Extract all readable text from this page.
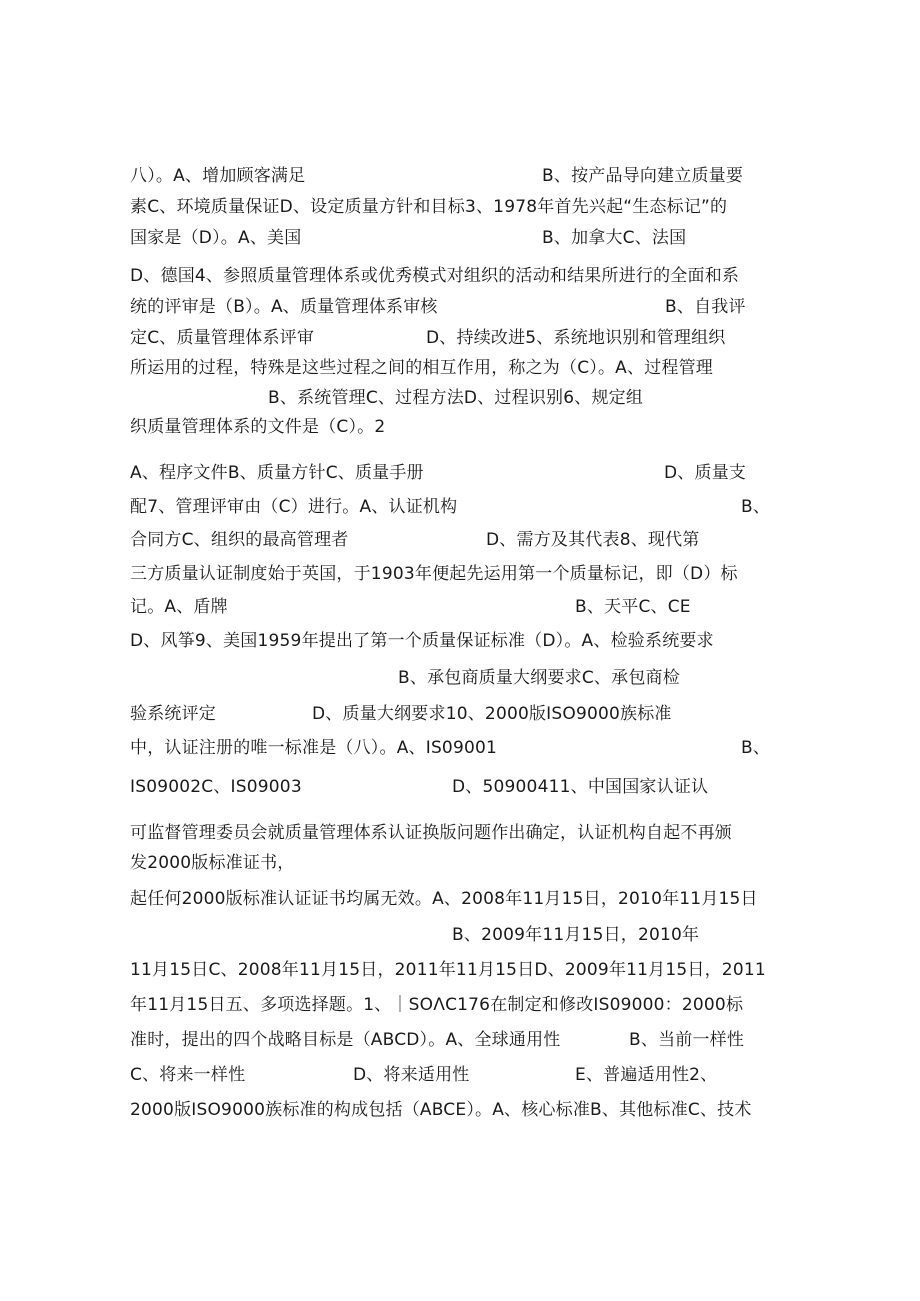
八）。A、增加顾客满足	B、按产品导向建立质量要

素C、环境质量保证D、设定质量方针和目标3、1978年首先兴起“生态标记”的

国家是（D）。A、美国	B、加拿大C、法国

D、德国4、参照质量管理体系或优秀模式对组织的活动和结果所进行的全面和系

统的评审是（B）。A、质量管理体系审核	B、自我评

定C、质量管理体系评审	D、持续改进5、系统地识别和管理组织

所运用的过程，特殊是这些过程之间的相互作用，称之为（C）。A、过程管理

B、系统管理C、过程方法D、过程识别6、规定组

织质量管理体系的文件是（C）。2

A、程序文件B、质量方针C、质量手册	D、质量支

配7、管理评审由（C）进行。A、认证机构	B、

合同方C、组织的最高管理者	D、需方及其代表8、现代第

三方质量认证制度始于英国，于1903年便起先运用第一个质量标记，即（D）标

记。A、盾牌	B、天平C、CE

D、风筝9、美国1959年提出了第一个质量保证标准（D）。A、检验系统要求

B、承包商质量大纲要求C、承包商检

验系统评定	D、质量大纲要求10、2000版ISO9000族标准

中，认证注册的唯一标准是（八）。A、IS09001	B、

IS09002C、IS09003	D、50900411、中国国家认证认

可监督管理委员会就质量管理体系认证换版问题作出确定，认证机构自起不再颁

发2000版标准证书，

起任何2000版标准认证证书均属无效。A、2008年11月15日，2010年11月15日

B、2009年11月15日，2010年

11月15日C、2008年11月15日，2011年11月15日D、2009年11月15日，2011

年11月15日五、多项选择题。1、｜SOΛC176在制定和修改IS09000：2000标

准时，提出的四个战略目标是（ABCD）。A、全球通用性	B、当前一样性

C、将来一样性	D、将来适用性	E、普遍适用性2、

2000版ISO9000族标准的构成包括（ABCE）。A、核心标准B、其他标准C、技术
